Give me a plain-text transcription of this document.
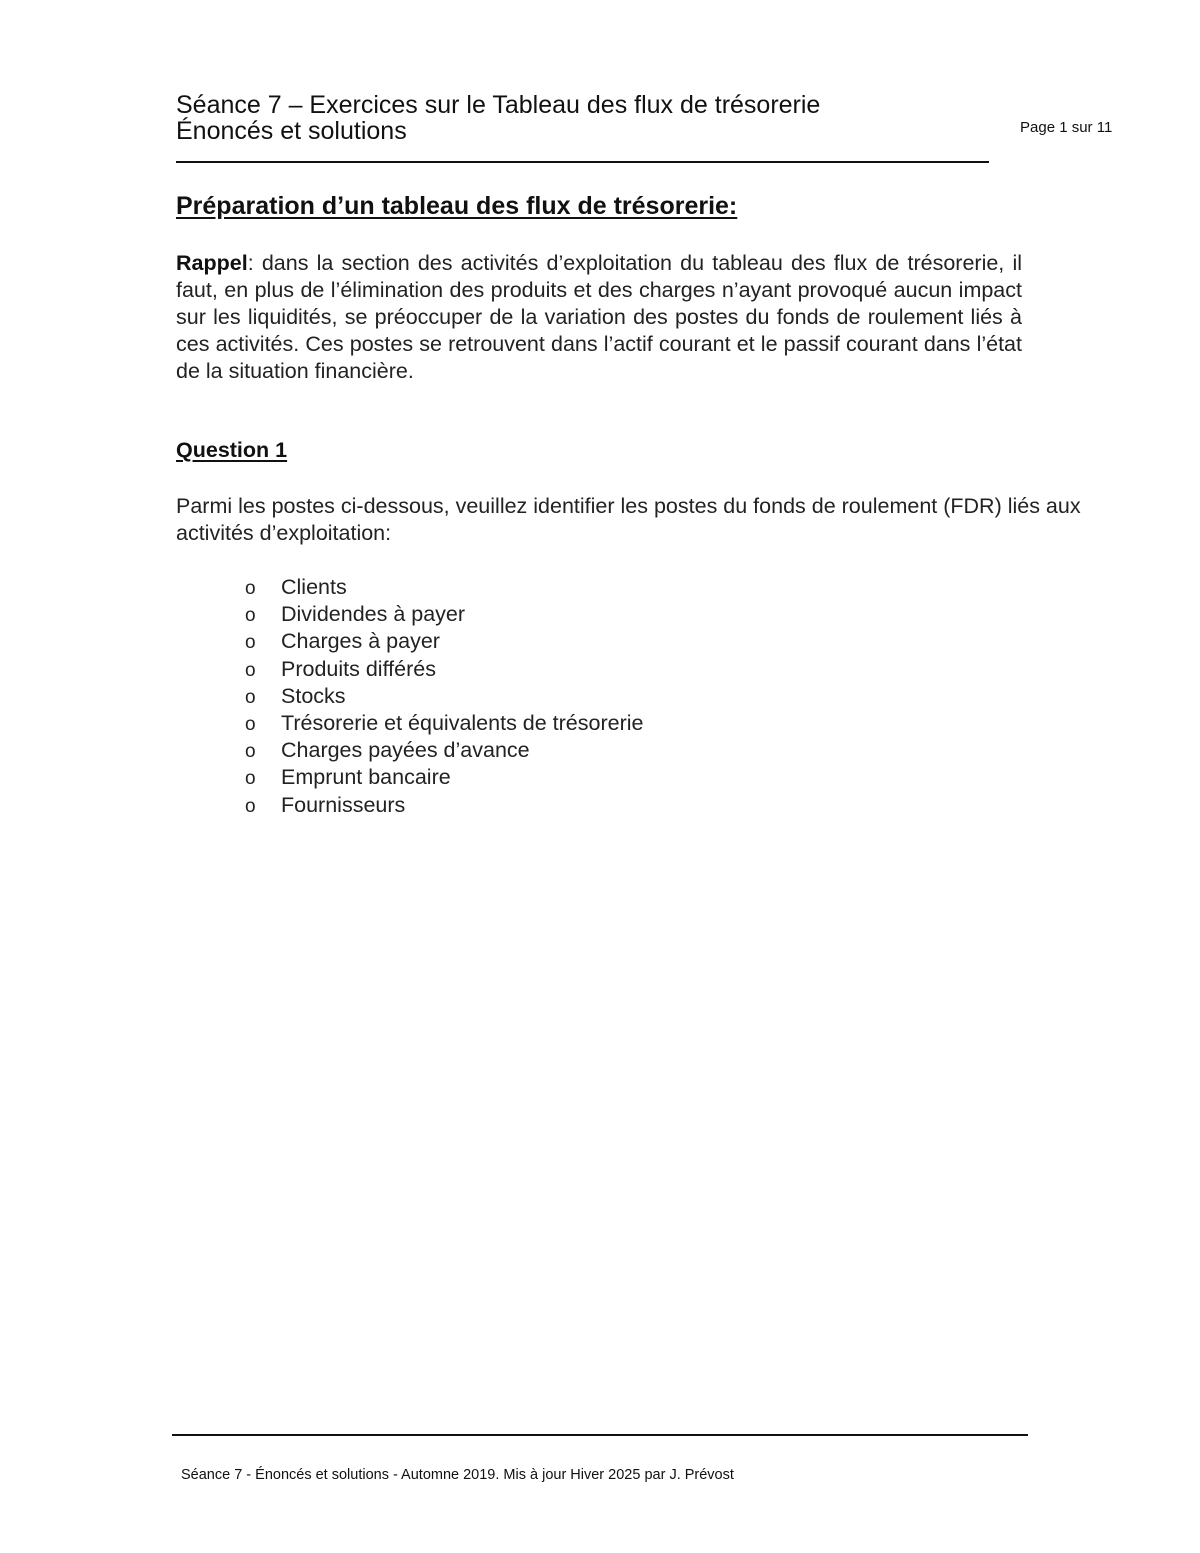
Séance 7 – Exercices sur le Tableau des flux de trésorerie
Énoncés et solutions	Page 1 sur 11
Préparation d’un tableau des flux de trésorerie:

Rappel: dans la section des activités d’exploitation du tableau des flux de trésorerie, il faut, en plus de l’élimination des produits et des charges n’ayant provoqué aucun impact sur les liquidités, se préoccuper de la variation des postes du fonds de roulement liés à ces activités. Ces postes se retrouvent dans l’actif courant et le passif courant dans l’état de la situation financière.

Question 1

Parmi les postes ci-dessous, veuillez identifier les postes du fonds de roulement (FDR) liés aux activités d’exploitation:

o Clients
o Dividendes à payer
o Charges à payer
o Produits différés
o Stocks
o Trésorerie et équivalents de trésorerie
o Charges payées d’avance
o Emprunt bancaire
o Fournisseurs
Séance 7 - Énoncés et solutions - Automne 2019. Mis à jour Hiver 2025 par J. Prévost
